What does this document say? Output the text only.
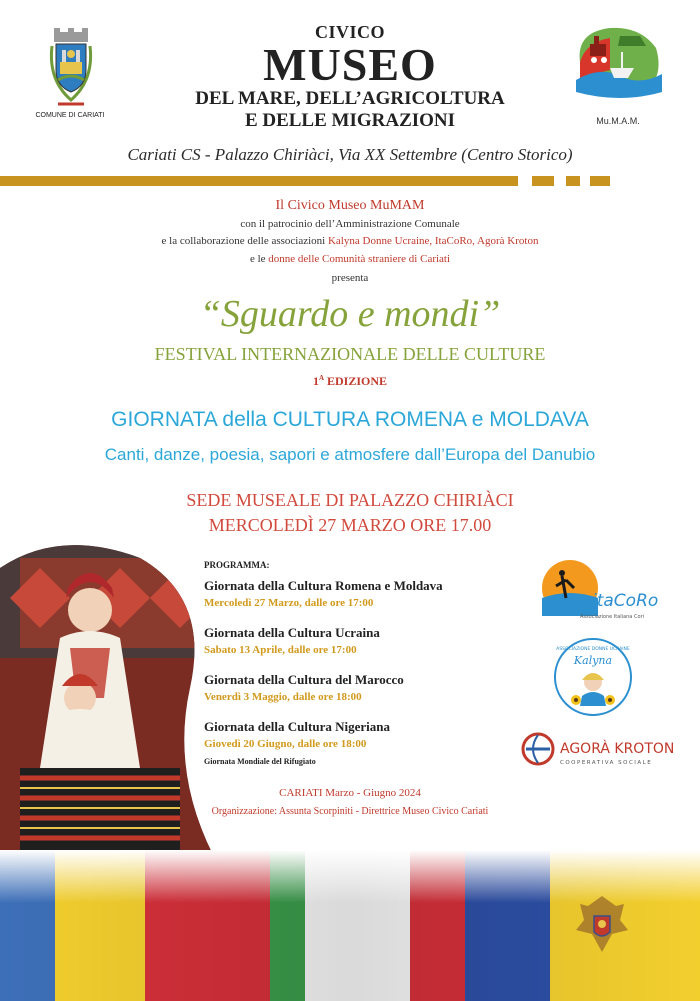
COMUNE DI CARIATI
Mu.M.A.M.
CIVICO
MUSEO
DEL MARE, DELL’AGRICOLTURA
E DELLE MIGRAZIONI
Cariati CS - Palazzo Chiriàci, Via XX Settembre (Centro Storico)
Il Civico Museo MuMAM
con il patrocinio dell’Amministrazione Comunale
e la collaborazione delle associazioni Kalyna Donne Ucraine, ItaCoRo, Agorà Kroton
e le donne delle Comunità straniere di Cariati
presenta
“Sguardo e mondi”
FESTIVAL INTERNAZIONALE DELLE CULTURE
$1^A$ EDIZIONE
GIORNATA della CULTURA ROMENA e MOLDAVA
Canti, danze, poesia, sapori e atmosfere dall’Europa del Danubio
SEDE MUSEALE DI PALAZZO CHIRIÀCI
MERCOLEDÌ 27 MARZO ORE 17.00
PROGRAMMA:
Giornata della Cultura Romena e Moldava
Mercoledì 27 Marzo, dalle ore 17:00
Giornata della Cultura Ucraina
Sabato 13 Aprile, dalle ore 17:00
Giornata della Cultura del Marocco
Venerdì 3 Maggio, dalle ore 18:00
Giornata della Cultura Nigeriana
Giovedì 20 Giugno, dalle ore 18:00
Giornata Mondiale del Rifugiato
itaCoRo
Associazione Italiana Cori
ASSOCIAZIONE DONNE UCRAINE
Kalyna
AGORÀ KROTON
COOPERATIVA SOCIALE
CARIATI Marzo - Giugno 2024
Organizzazione: Assunta Scorpiniti - Direttrice Museo Civico Cariati
